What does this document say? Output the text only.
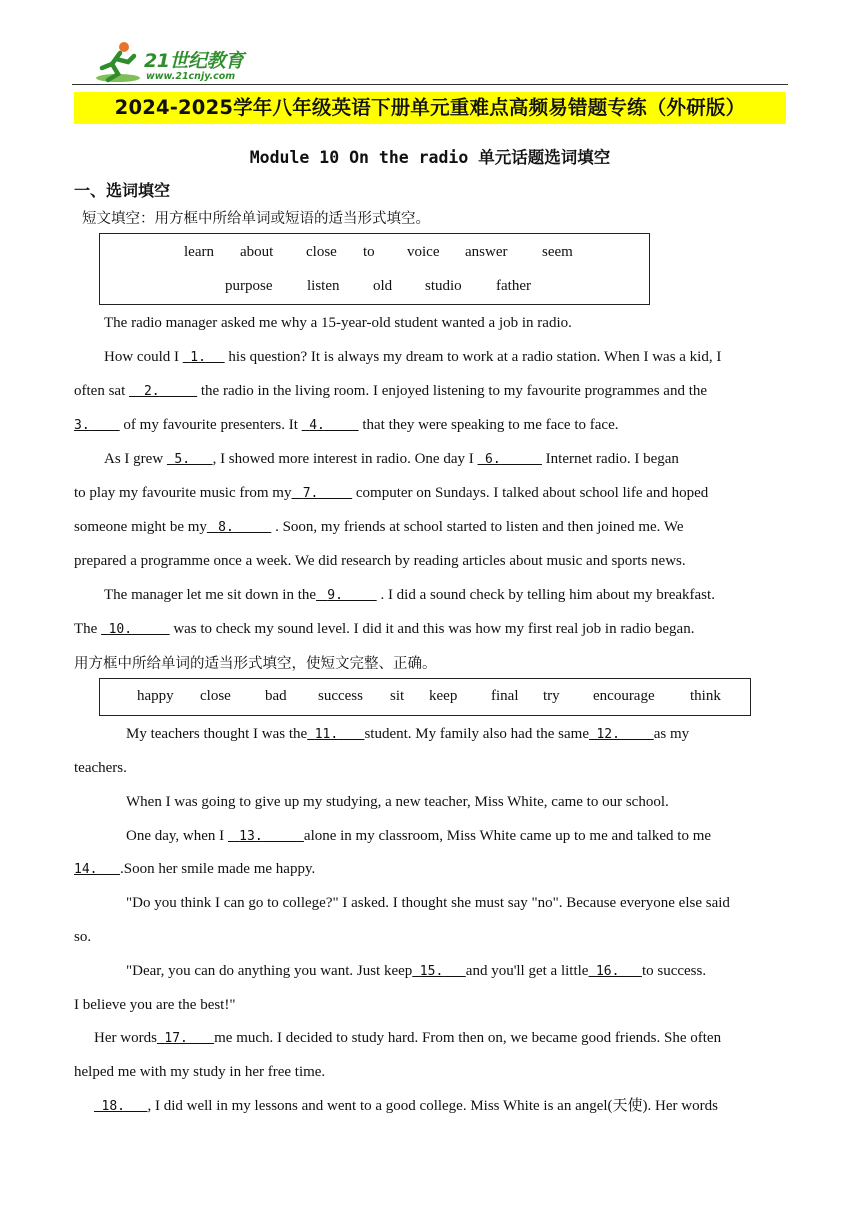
21世纪教育
www.21cnjy.com
2024-2025学年八年级英语下册单元重难点高频易错题专练（外研版）
Module 10 On the radio 单元话题选词填空
一、选词填空
短文填空：用方框中所给单词或短语的适当形式填空。
learn about close to voice answer seem
purpose listen old studio father
The radio manager asked me why a 15-year-old student wanted a job in radio.
How could I   1.      his question? It is always my dream to work at a radio station. When I was a kid, I
often sat     2.	the radio in the living room. I enjoyed listening to my favourite programmes and the
3.         of my favourite presenters. It   4.          that they were speaking to me face to face.
As I grew   5. , I showed more interest in radio. One day I   6.	Internet radio. I began
to play my favourite music from my 7.          computer on Sundays. I talked about school life and hoped
someone might be my 8.	. Soon, my friends at school started to listen and then joined me. We
prepared a programme once a week. We did research by reading articles about music and sports news.
The manager let me sit down in the 9.          . I did a sound check by telling him about my breakfast.
The   10.	was to check my sound level. I did it and this was how my first real job in radio began.
用方框中所给单词的适当形式填空，使短文完整、正确。
happy close bad success sit keep final try encourage think
My teachers thought I was the 11. student. My family also had the same 12. as my
teachers.
When I was going to give up my studying, a new teacher, Miss White, came to our school.
One day, when I    13.	alone in my classroom, Miss White came up to me and talked to me
14. .Soon her smile made me happy.
"Do you think I can go to college?" I asked. I thought she must say "no". Because everyone else said
so.
"Dear, you can do anything you want. Just keep 15. and you'll get a little 16. to success.
I believe you are the best!"
Her words 17. me much. I decided to study hard. From then on, we became good friends. She often
helped me with my study in her free time.
18. , I did well in my lessons and went to a good college. Miss White is an angel(天使). Her words
